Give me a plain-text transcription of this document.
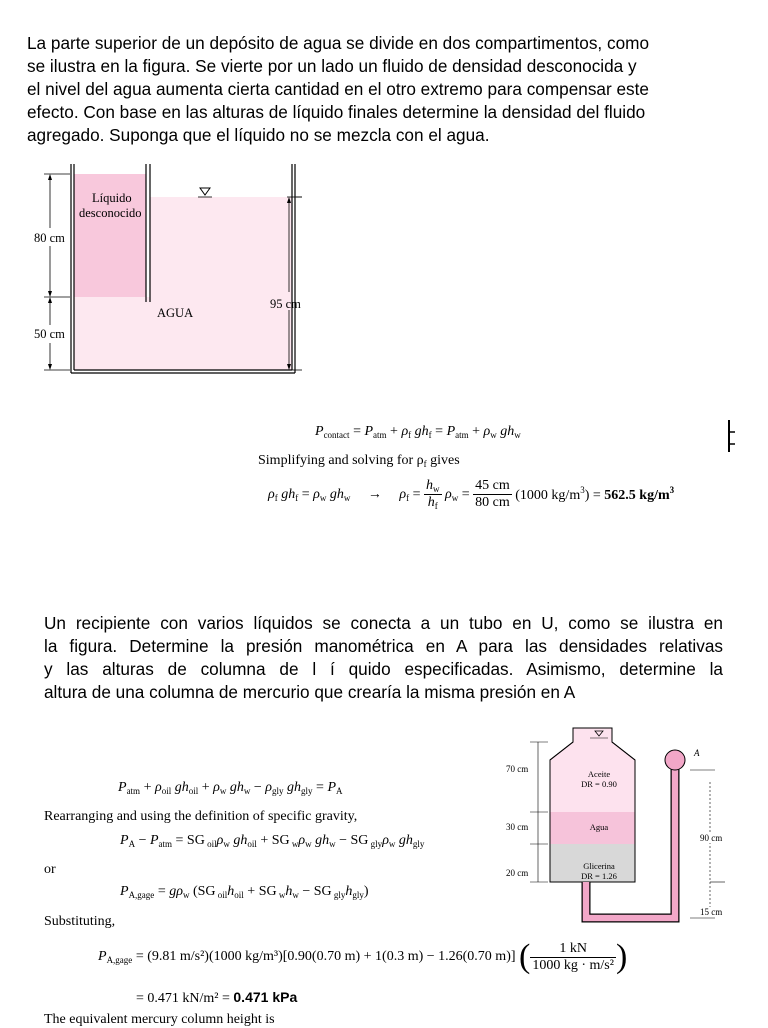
La parte superior de un depósito de agua se divide en dos compartimentos, como

se ilustra en la figura. Se vierte por un lado un fluido de densidad desconocida y

el nivel del agua aumenta cierta cantidad en el otro extremo para compensar este

efecto. Con base en las alturas de líquido finales determine la densidad del fluido

agregado. Suponga que el líquido no se mezcla con el agua.

Líquido
desconocido
AGUA
80 cm
50 cm
95 cm
$P_{contact} = P_{atm} + \rho_f$ $gh_f = P_{atm} + \rho_w$ $gh_w$
Simplifying and solving for $\rho_f$ gives
$\rho_f$ $gh_f = \rho_w$ $gh_w \to \rho_f = \frac{h_w}{h_f} \rho_w = \frac{45 cm}{80 cm} (1000$ $kg/m^3) = 562.5$ $kg/m^3$

Un recipiente con varios líquidos se conecta a un tubo en U, como se ilustra en

la figura. Determine la presión manométrica en A para las densidades relativas

y las alturas de columna de l í quido especificadas. Asimismo, determine la

altura de una columna de mercurio que crearía la misma presión en A

$P_{atm} + \rho_{oil}$ $gh_{oil} + \rho_w$ $gh_w - \rho_{gly}$ $gh_{gly} = P_A$
Rearranging and using the definition of specific gravity,
$P_A - P_{atm}$ = SG $_{oil}\rho_w$ $gh_{oil}$ + SG $_w\rho_w$ $gh_w$ − SG $_{gly}\rho_w$ $gh_{gly}$
or
$P_{A,gage} = g\rho_w$ (SG $_{oil}h_{oil}$ + SG $_wh_w$ − SG $_{gly}h_{gly}$)
Substituting,
$P_{A,gage} = (9.81$ m/s²)(1000 kg/m³)[0.90(0.70 m) + 1(0.3 m) − 1.26(0.70 m)] ( $\frac{1 kN}{\text{1000 kg · m/s²}}$ )
= 0.471 kN/m² = 0.471 kPa
The equivalent mercury column height is
70 cm
30 cm
20 cm
90 cm
15 cm
A
Aceite
DR = 0.90
Agua
Glicerina
DR = 1.26
